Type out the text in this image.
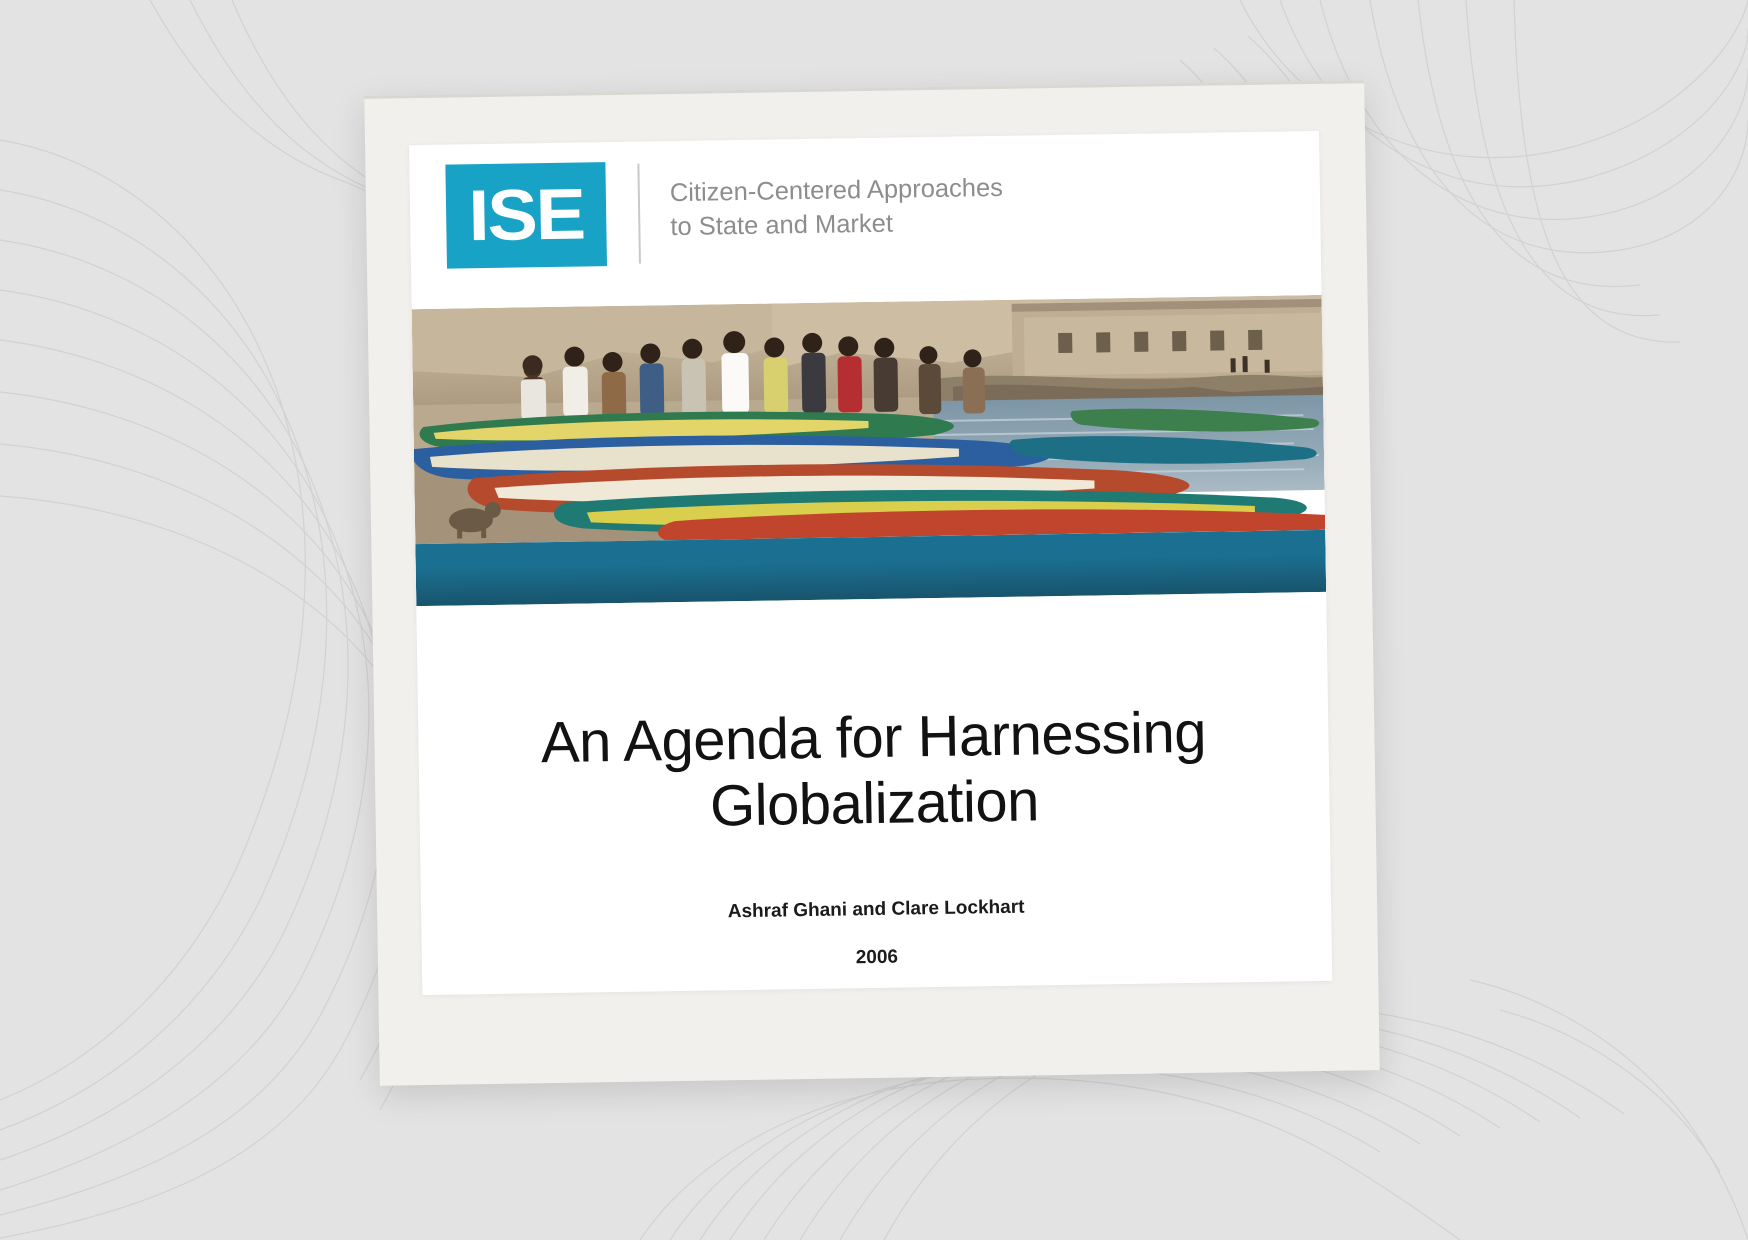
ISE	Citizen-Centered Approaches
to State and Market
An Agenda for Harnessing Globalization
Ashraf Ghani and Clare Lockhart
2006
